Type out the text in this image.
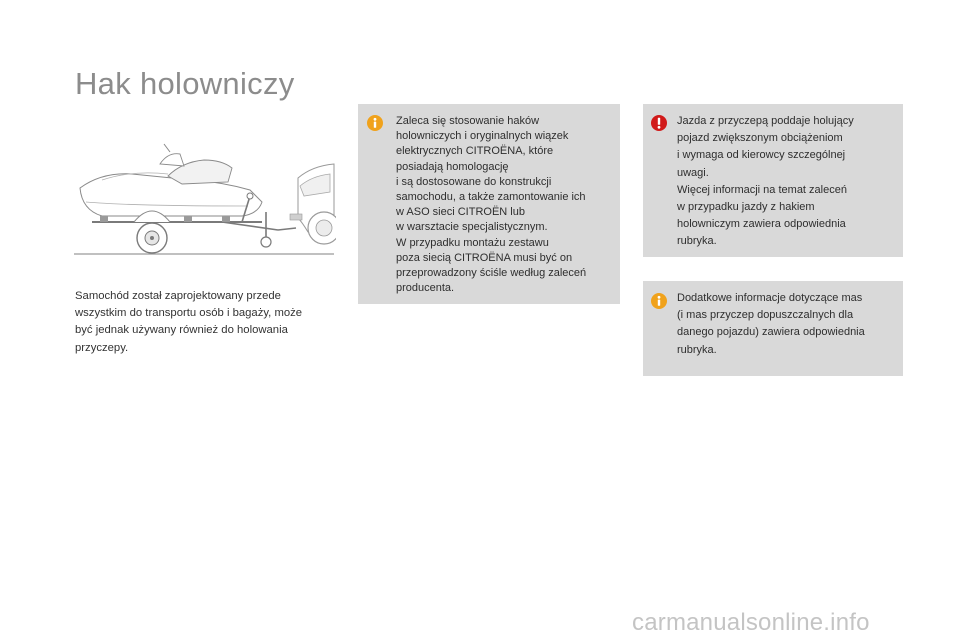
Hak holowniczy

Samochód został zaprojektowany przede
wszystkim do transportu osób i bagaży, może
być jednak używany również do holowania
przyczepy.

Zaleca się stosowanie haków
holowniczych i oryginalnych wiązek
elektrycznych CITROËNA, które
posiadają homologację
i są dostosowane do konstrukcji
samochodu, a także zamontowanie ich
w ASO sieci CITROËN lub
w warsztacie specjalistycznym.
W przypadku montażu zestawu
poza siecią CITROËNA musi być on
przeprowadzony ściśle według zaleceń
producenta.

Jazda z przyczepą poddaje holujący
pojazd zwiększonym obciążeniom
i wymaga od kierowcy szczególnej
uwagi.
Więcej informacji na temat zaleceń
w przypadku jazdy z hakiem
holowniczym zawiera odpowiednia
rubryka.

Dodatkowe informacje dotyczące mas
(i mas przyczep dopuszczalnych dla
danego pojazdu) zawiera odpowiednia
rubryka.

carmanualsonline.info
